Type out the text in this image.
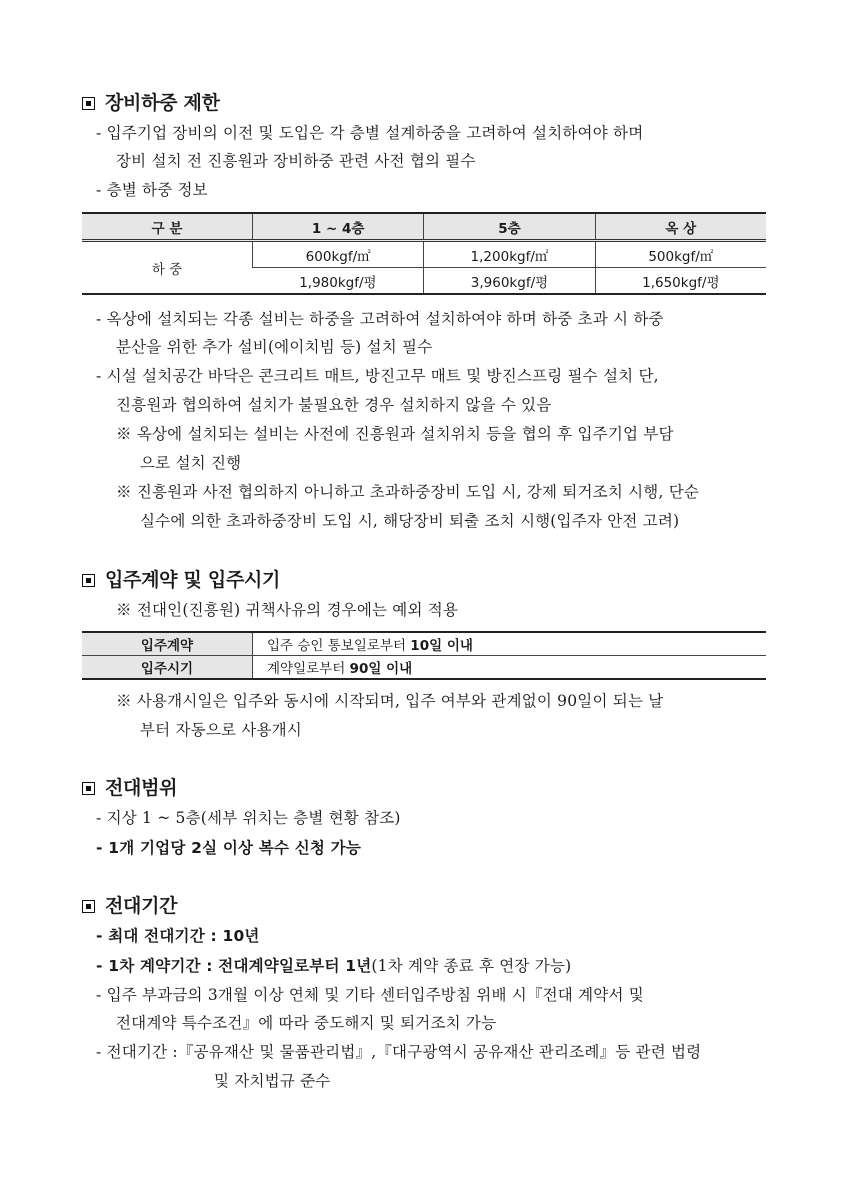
장비하중 제한
- 입주기업 장비의 이전 및 도입은 각 층별 설계하중을 고려하여 설치하여야 하며
장비 설치 전 진흥원과 장비하중 관련 사전 협의 필수
- 층별 하중 정보
구 분	1 ~ 4층	5층	옥 상
하 중	600kgf/㎡	1,200kgf/㎡	500kgf/㎡
	1,980kgf/평	3,960kgf/평	1,650kgf/평
- 옥상에 설치되는 각종 설비는 하중을 고려하여 설치하여야 하며 하중 초과 시 하중
분산을 위한 추가 설비(에이치빔 등) 설치 필수
- 시설 설치공간 바닥은 콘크리트 매트, 방진고무 매트 및 방진스프링 필수 설치 단,
진흥원과 협의하여 설치가 불필요한 경우 설치하지 않을 수 있음
※ 옥상에 설치되는 설비는 사전에 진흥원과 설치위치 등을 협의 후 입주기업 부담
으로 설치 진행
※ 진흥원과 사전 협의하지 아니하고 초과하중장비 도입 시, 강제 퇴거조치 시행, 단순
실수에 의한 초과하중장비 도입 시, 해당장비 퇴출 조치 시행(입주자 안전 고려)
입주계약 및 입주시기
※ 전대인(진흥원) 귀책사유의 경우에는 예외 적용
입주계약	입주 승인 통보일로부터 10일 이내
입주시기	계약일로부터 90일 이내
※ 사용개시일은 입주와 동시에 시작되며, 입주 여부와 관계없이 90일이 되는 날
부터 자동으로 사용개시
전대범위
- 지상 1 ~ 5층(세부 위치는 층별 현황 참조)
- 1개 기업당 2실 이상 복수 신청 가능
전대기간
- 최대 전대기간 : 10년
- 1차 계약기간 : 전대계약일로부터 1년(1차 계약 종료 후 연장 가능)
- 입주 부과금의 3개월 이상 연체 및 기타 센터입주방침 위배 시『전대 계약서 및
전대계약 특수조건』에 따라 중도해지 및 퇴거조치 가능
- 전대기간 :『공유재산 및 물품관리법』,『대구광역시 공유재산 관리조례』등 관련 법령
및 자치법규 준수
